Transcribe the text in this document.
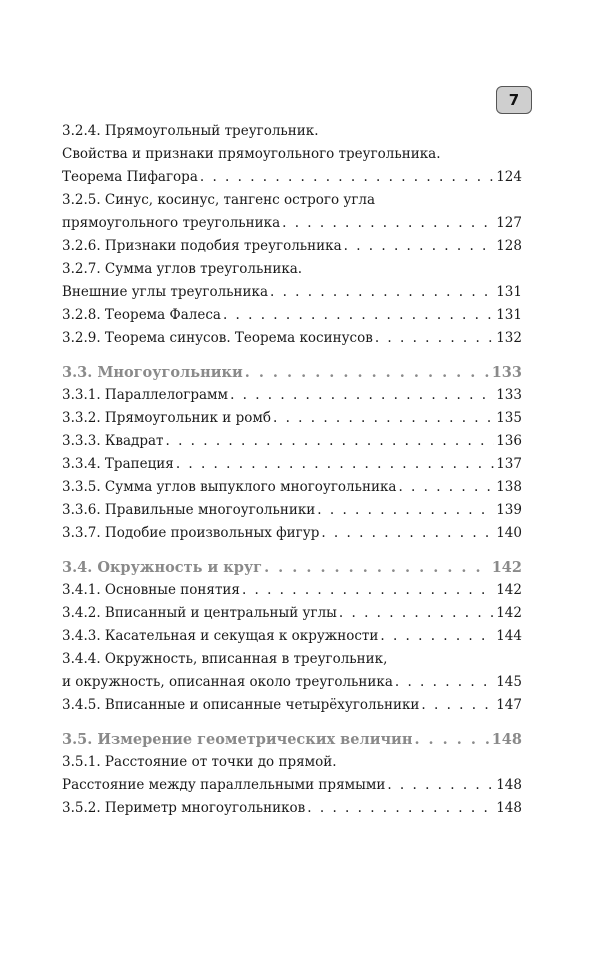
7
3.2.4. Прямоугольный треугольник.
Свойства и признаки прямоугольного треугольника.
Теорема Пифагора . . .	124
3.2.5. Синус, косинус, тангенс острого угла
прямоугольного треугольника . . .	127
3.2.6. Признаки подобия треугольника . . .	128
3.2.7. Сумма углов треугольника.
Внешние углы треугольника . . .	131
3.2.8. Теорема Фалеса . . .	131
3.2.9. Теорема синусов. Теорема косинусов . . .	132
3.3. Многоугольники . . .	133
3.3.1. Параллелограмм . . .	133
3.3.2. Прямоугольник и ромб . . .	135
3.3.3. Квадрат . . .	136
3.3.4. Трапеция . . .	137
3.3.5. Сумма углов выпуклого многоугольника . . .	138
3.3.6. Правильные многоугольники . . .	139
3.3.7. Подобие произвольных фигур . . .	140
3.4. Окружность и круг . . .	142
3.4.1. Основные понятия . . .	142
3.4.2. Вписанный и центральный углы . . .	142
3.4.3. Касательная и секущая к окружности . . .	144
3.4.4. Окружность, вписанная в треугольник,
и окружность, описанная около треугольника . . .	145
3.4.5. Вписанные и описанные четырёхугольники . . .	147
3.5. Измерение геометрических величин . . .	148
3.5.1. Расстояние от точки до прямой.
Расстояние между параллельными прямыми . . .	148
3.5.2. Периметр многоугольников . . .	148
